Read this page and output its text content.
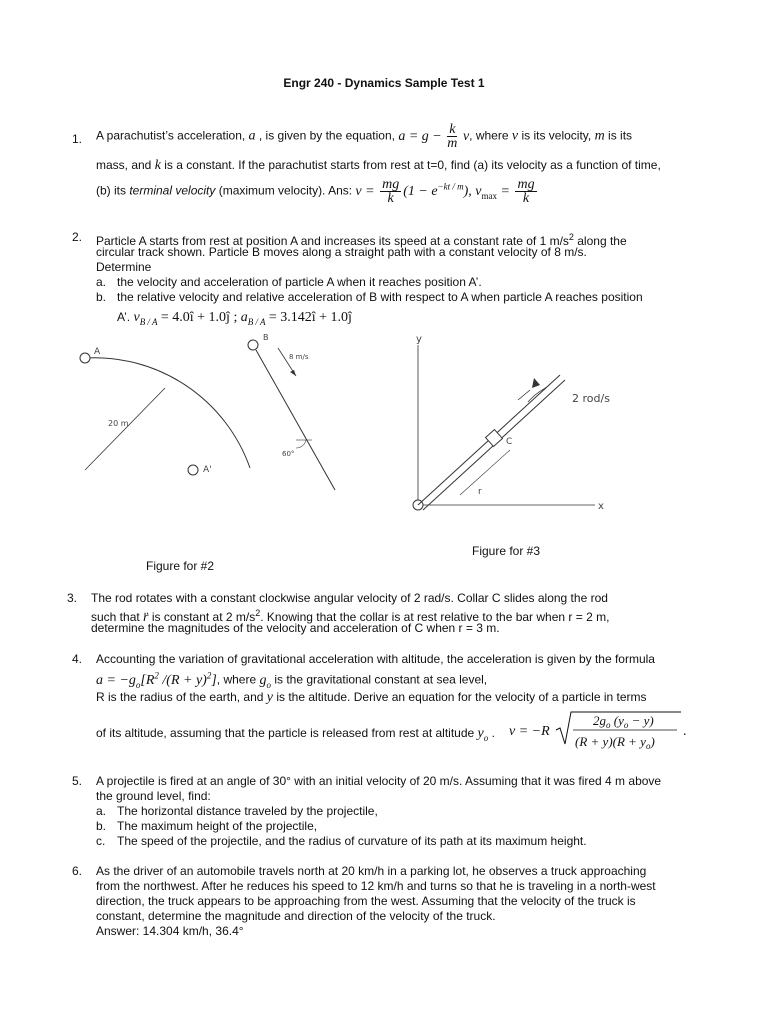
Engr 240 - Dynamics Sample Test 1
1. A parachutist’s acceleration, a , is given by the equation, $a = g - \frac{k}{m} v$, where v is its velocity, m is its
mass, and k is a constant. If the parachutist starts from rest at t=0, find (a) its velocity as a function of time,
(b) its terminal velocity (maximum velocity). Ans: $v = \frac{mg}{k} (1 - e^{-kt / m})$, $v_{max} = \frac{mg}{k}$
2. Particle A starts from rest at position A and increases its speed at a constant rate of 1 $m/s^2$ along the
circular track shown. Particle B moves along a straight path with a constant velocity of 8 m/s.
Determine
a. the velocity and acceleration of particle A when it reaches position A’.
b. the relative velocity and relative acceleration of B with respect to A when particle A reaches position
A’. $v_{B / A}$ = 4.0î + 1.0ĵ ; $a_{B / A}$ = 3.142î + 1.0ĵ
A
A'
20 m
B
8 m/s
60°
Figure for #2
y
x
2 rod/s
C
r
Figure for #3
3. The rod rotates with a constant clockwise angular velocity of 2 rad/s. Collar C slides along the rod
such that r̈ is constant at 2 $m/s^2$. Knowing that the collar is at rest relative to the bar when r = 2 m,
determine the magnitudes of the velocity and acceleration of C when r = 3 m.
4. Accounting the variation of gravitational acceleration with altitude, the acceleration is given by the formula
$a = -g_o[R^2$ $/(R + y)^2$], where $g_o$ is the gravitational constant at sea level,
R is the radius of the earth, and y is the altitude. Derive an equation for the velocity of a particle in terms
of its altitude, assuming that the particle is released from rest at altitude $y_o$ . v = −R
$2g_o$ $(y_o - y)$
$(R + y)(R + y_o)$
.
5. A projectile is fired at an angle of 30° with an initial velocity of 20 m/s. Assuming that it was fired 4 m above
the ground level, find:
a. The horizontal distance traveled by the projectile,
b. The maximum height of the projectile,
c. The speed of the projectile, and the radius of curvature of its path at its maximum height.
6. As the driver of an automobile travels north at 20 km/h in a parking lot, he observes a truck approaching
from the northwest. After he reduces his speed to 12 km/h and turns so that he is traveling in a north-west
direction, the truck appears to be approaching from the west. Assuming that the velocity of the truck is
constant, determine the magnitude and direction of the velocity of the truck.
Answer: 14.304 km/h, 36.4°
